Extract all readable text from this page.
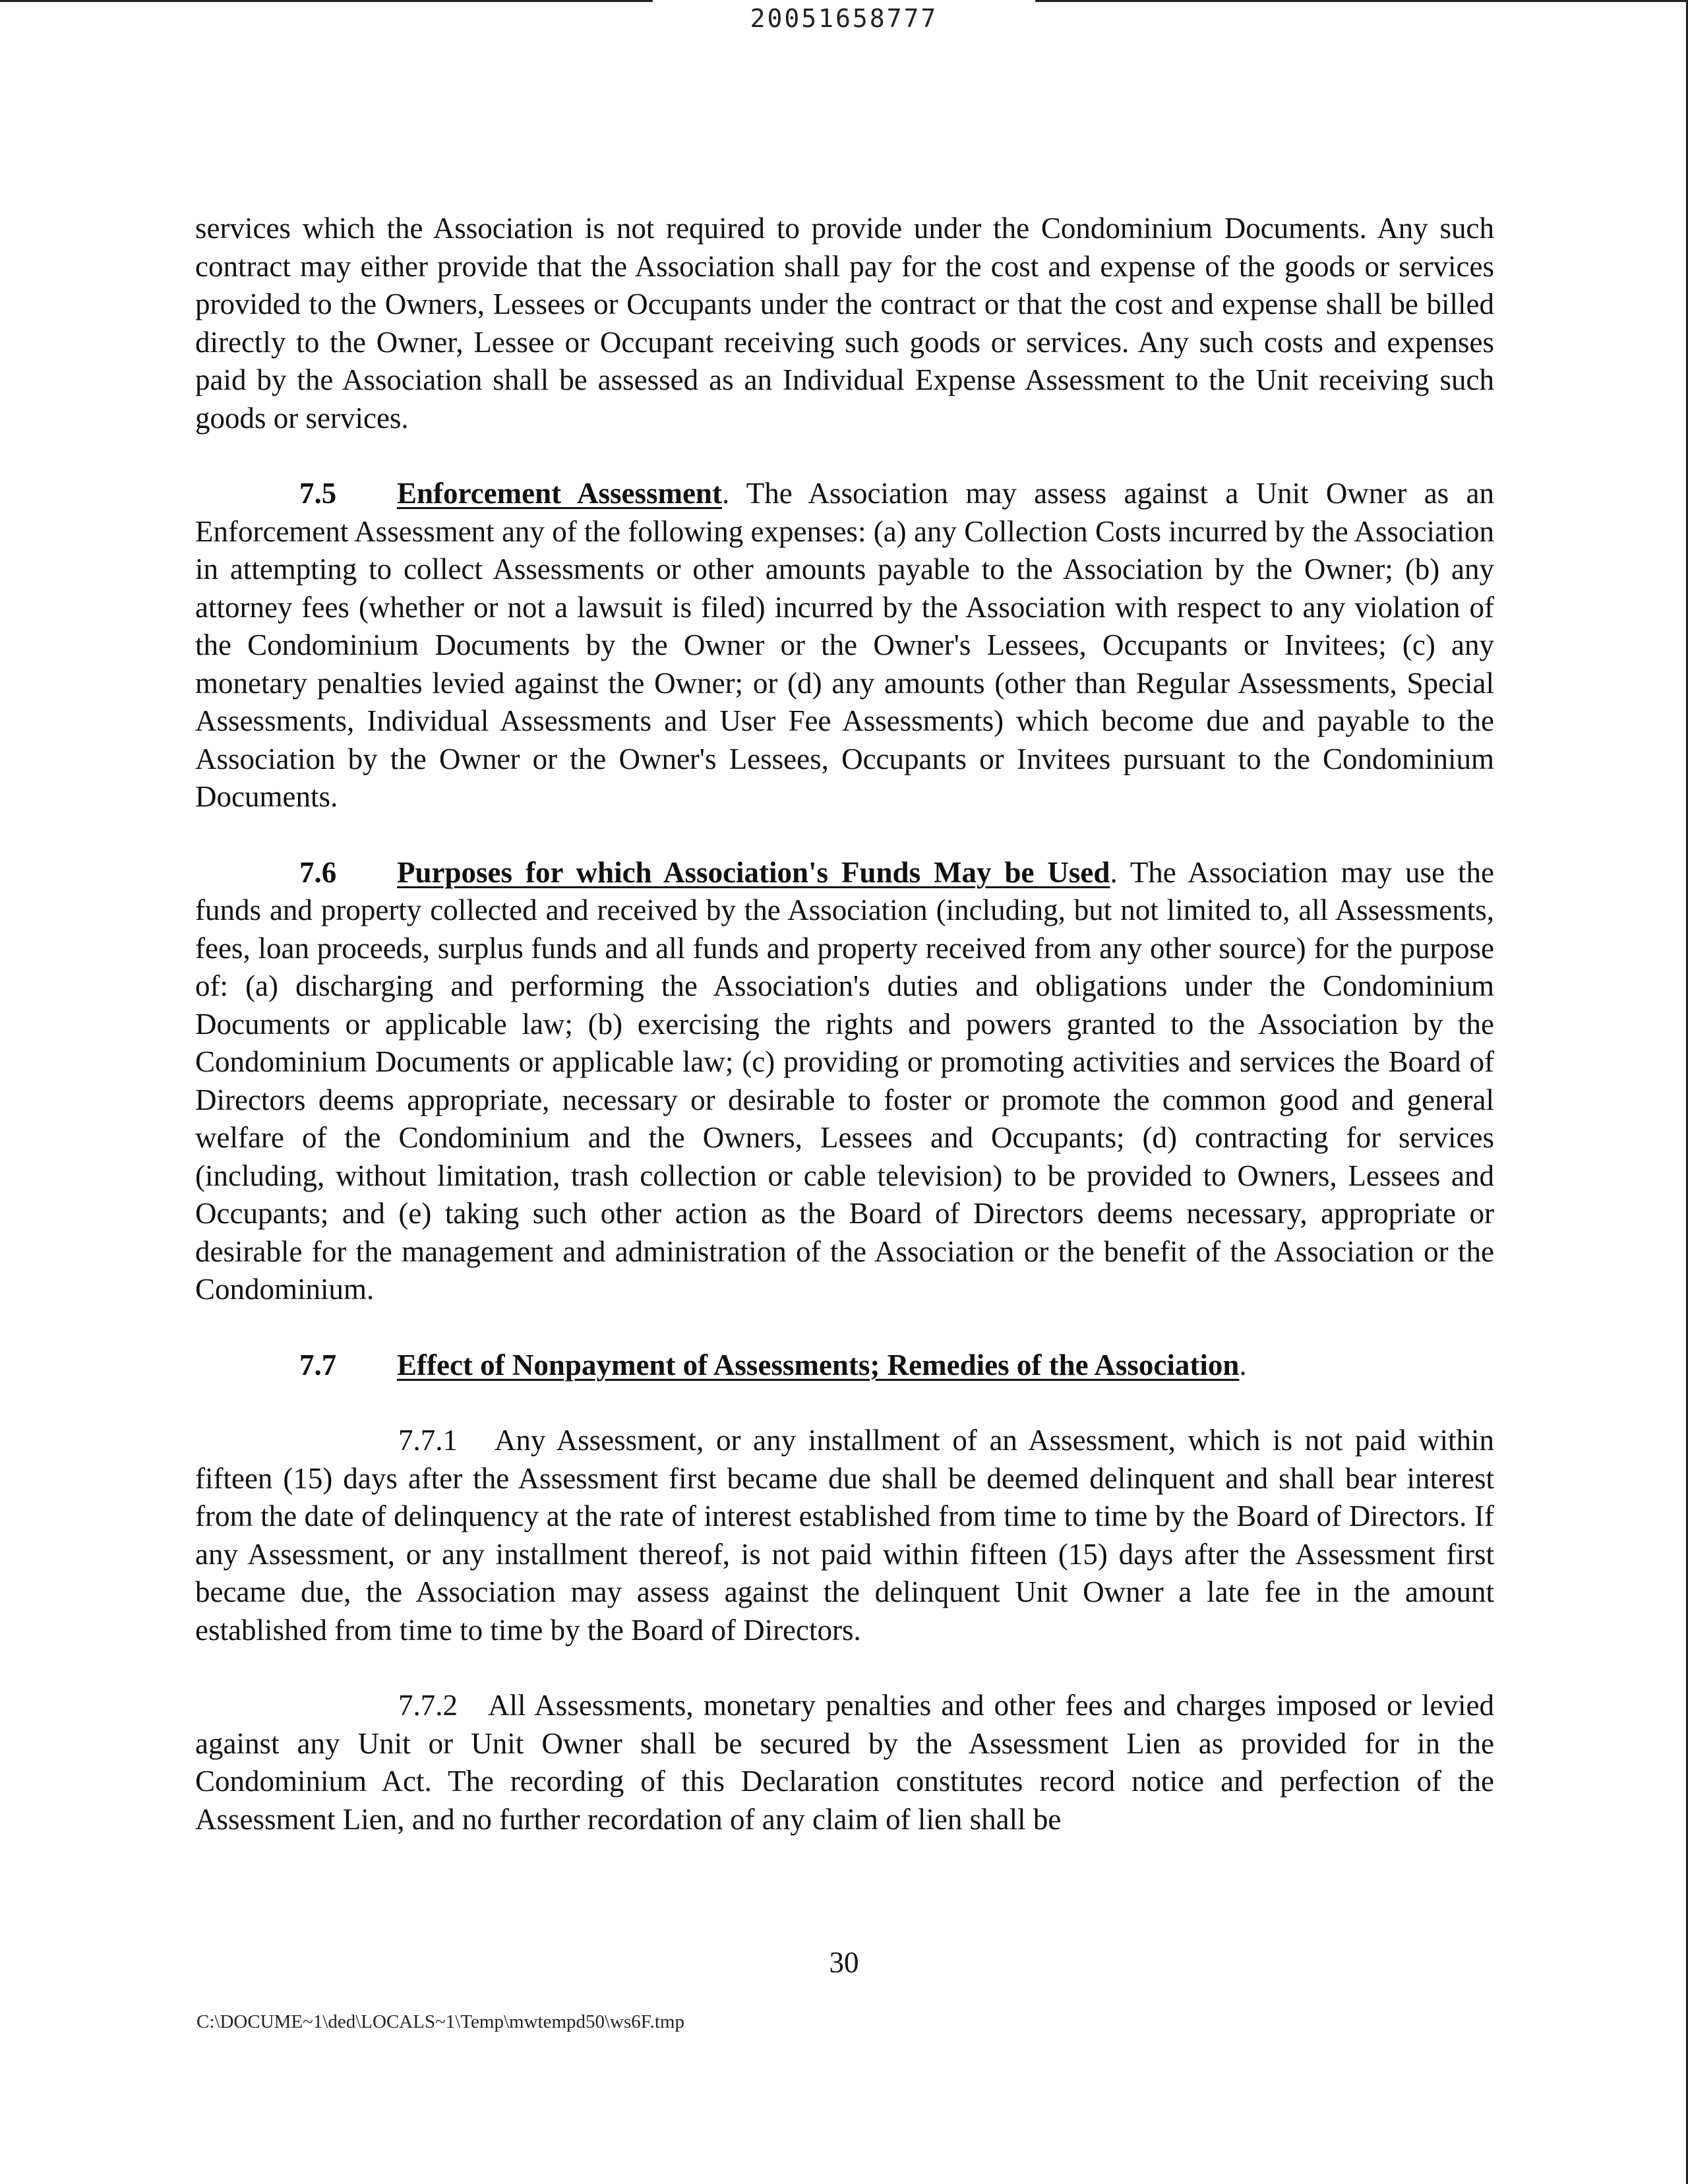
20051658777

services which the Association is not required to provide under the Condominium Documents. Any such contract may either provide that the Association shall pay for the cost and expense of the goods or services provided to the Owners, Lessees or Occupants under the contract or that the cost and expense shall be billed directly to the Owner, Lessee or Occupant receiving such goods or services. Any such costs and expenses paid by the Association shall be assessed as an Individual Expense Assessment to the Unit receiving such goods or services.

7.5 Enforcement Assessment. The Association may assess against a Unit Owner as an Enforcement Assessment any of the following expenses: (a) any Collection Costs incurred by the Association in attempting to collect Assessments or other amounts payable to the Association by the Owner; (b) any attorney fees (whether or not a lawsuit is filed) incurred by the Association with respect to any violation of the Condominium Documents by the Owner or the Owner's Lessees, Occupants or Invitees; (c) any monetary penalties levied against the Owner; or (d) any amounts (other than Regular Assessments, Special Assessments, Individual Assessments and User Fee Assessments) which become due and payable to the Association by the Owner or the Owner's Lessees, Occupants or Invitees pursuant to the Condominium Documents.

7.6 Purposes for which Association's Funds May be Used. The Association may use the funds and property collected and received by the Association (including, but not limited to, all Assessments, fees, loan proceeds, surplus funds and all funds and property received from any other source) for the purpose of: (a) discharging and performing the Association's duties and obligations under the Condominium Documents or applicable law; (b) exercising the rights and powers granted to the Association by the Condominium Documents or applicable law; (c) providing or promoting activities and services the Board of Directors deems appropriate, necessary or desirable to foster or promote the common good and general welfare of the Condominium and the Owners, Lessees and Occupants; (d) contracting for services (including, without limitation, trash collection or cable television) to be provided to Owners, Lessees and Occupants; and (e) taking such other action as the Board of Directors deems necessary, appropriate or desirable for the management and administration of the Association or the benefit of the Association or the Condominium.

7.7 Effect of Nonpayment of Assessments; Remedies of the Association.

7.7.1 Any Assessment, or any installment of an Assessment, which is not paid within fifteen (15) days after the Assessment first became due shall be deemed delinquent and shall bear interest from the date of delinquency at the rate of interest established from time to time by the Board of Directors. If any Assessment, or any installment thereof, is not paid within fifteen (15) days after the Assessment first became due, the Association may assess against the delinquent Unit Owner a late fee in the amount established from time to time by the Board of Directors.

7.7.2 All Assessments, monetary penalties and other fees and charges imposed or levied against any Unit or Unit Owner shall be secured by the Assessment Lien as provided for in the Condominium Act. The recording of this Declaration constitutes record notice and perfection of the Assessment Lien, and no further recordation of any claim of lien shall be

30
C:\DOCUME~1\ded\LOCALS~1\Temp\mwtempd50\ws6F.tmp
